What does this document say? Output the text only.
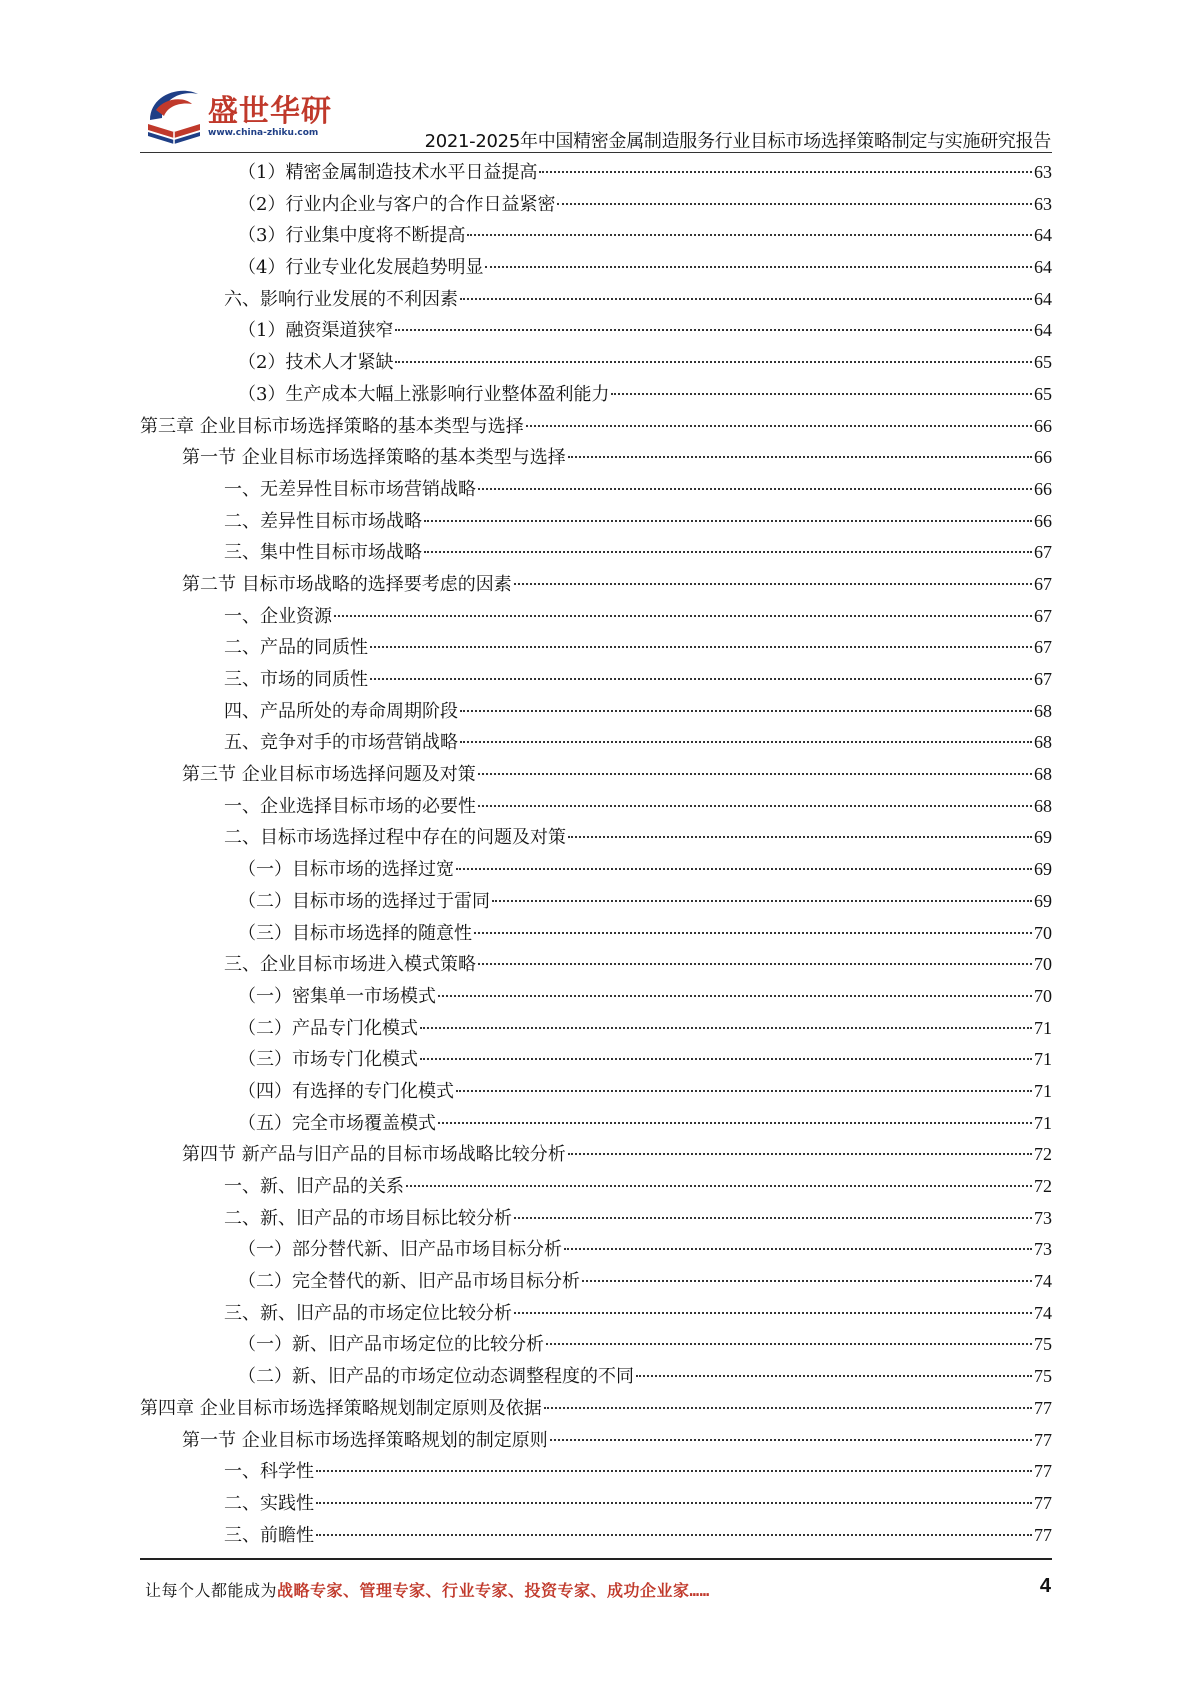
盛世华研
www.china-zhiku.com	2021-2025年中国精密金属制造服务行业目标市场选择策略制定与实施研究报告
（1）精密金属制造技术水平日益提高	63
（2）行业内企业与客户的合作日益紧密	63
（3）行业集中度将不断提高	64
（4）行业专业化发展趋势明显	64
六、影响行业发展的不利因素	64
（1）融资渠道狭窄	64
（2）技术人才紧缺	65
（3）生产成本大幅上涨影响行业整体盈利能力	65
第三章 企业目标市场选择策略的基本类型与选择	66
第一节 企业目标市场选择策略的基本类型与选择	66
一、无差异性目标市场营销战略	66
二、差异性目标市场战略	66
三、集中性目标市场战略	67
第二节 目标市场战略的选择要考虑的因素	67
一、企业资源	67
二、产品的同质性	67
三、市场的同质性	67
四、产品所处的寿命周期阶段	68
五、竞争对手的市场营销战略	68
第三节 企业目标市场选择问题及对策	68
一、企业选择目标市场的必要性	68
二、目标市场选择过程中存在的问题及对策	69
（一）目标市场的选择过宽	69
（二）目标市场的选择过于雷同	69
（三）目标市场选择的随意性	70
三、企业目标市场进入模式策略	70
（一）密集单一市场模式	70
（二）产品专门化模式	71
（三）市场专门化模式	71
（四）有选择的专门化模式	71
（五）完全市场覆盖模式	71
第四节 新产品与旧产品的目标市场战略比较分析	72
一、新、旧产品的关系	72
二、新、旧产品的市场目标比较分析	73
（一）部分替代新、旧产品市场目标分析	73
（二）完全替代的新、旧产品市场目标分析	74
三、新、旧产品的市场定位比较分析	74
（一）新、旧产品市场定位的比较分析	75
（二）新、旧产品的市场定位动态调整程度的不同	75
第四章 企业目标市场选择策略规划制定原则及依据	77
第一节 企业目标市场选择策略规划的制定原则	77
一、科学性	77
二、实践性	77
三、前瞻性	77
让每个人都能成为战略专家、管理专家、行业专家、投资专家、成功企业家……	4
